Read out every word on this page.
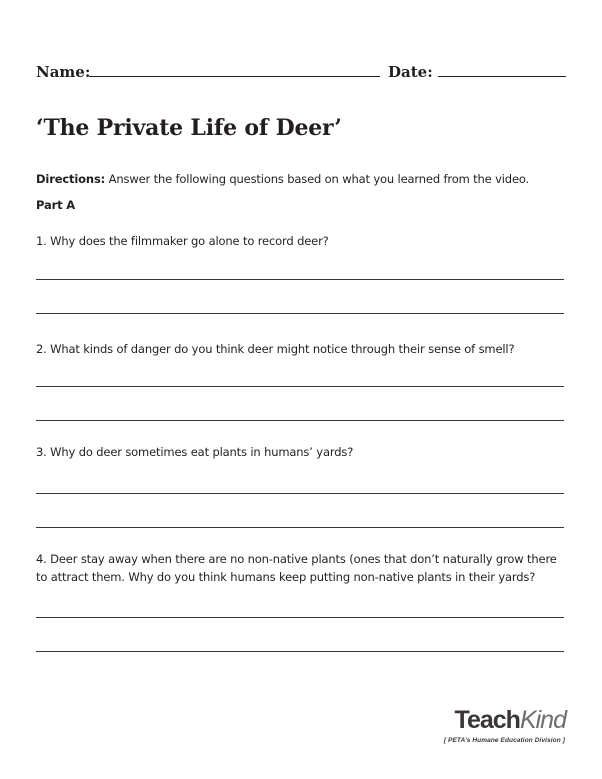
Name:	Date:
‘The Private Life of Deer’
Directions: Answer the following questions based on what you learned from the video.
Part A
1. Why does the filmmaker go alone to record deer?
2. What kinds of danger do you think deer might notice through their sense of smell?
3. Why do deer sometimes eat plants in humans’ yards?
4. Deer stay away when there are no non-native plants (ones that don’t naturally grow there
to attract them. Why do you think humans keep putting non-native plants in their yards?
TeachKind
[ PETA’s Humane Education Division ]
